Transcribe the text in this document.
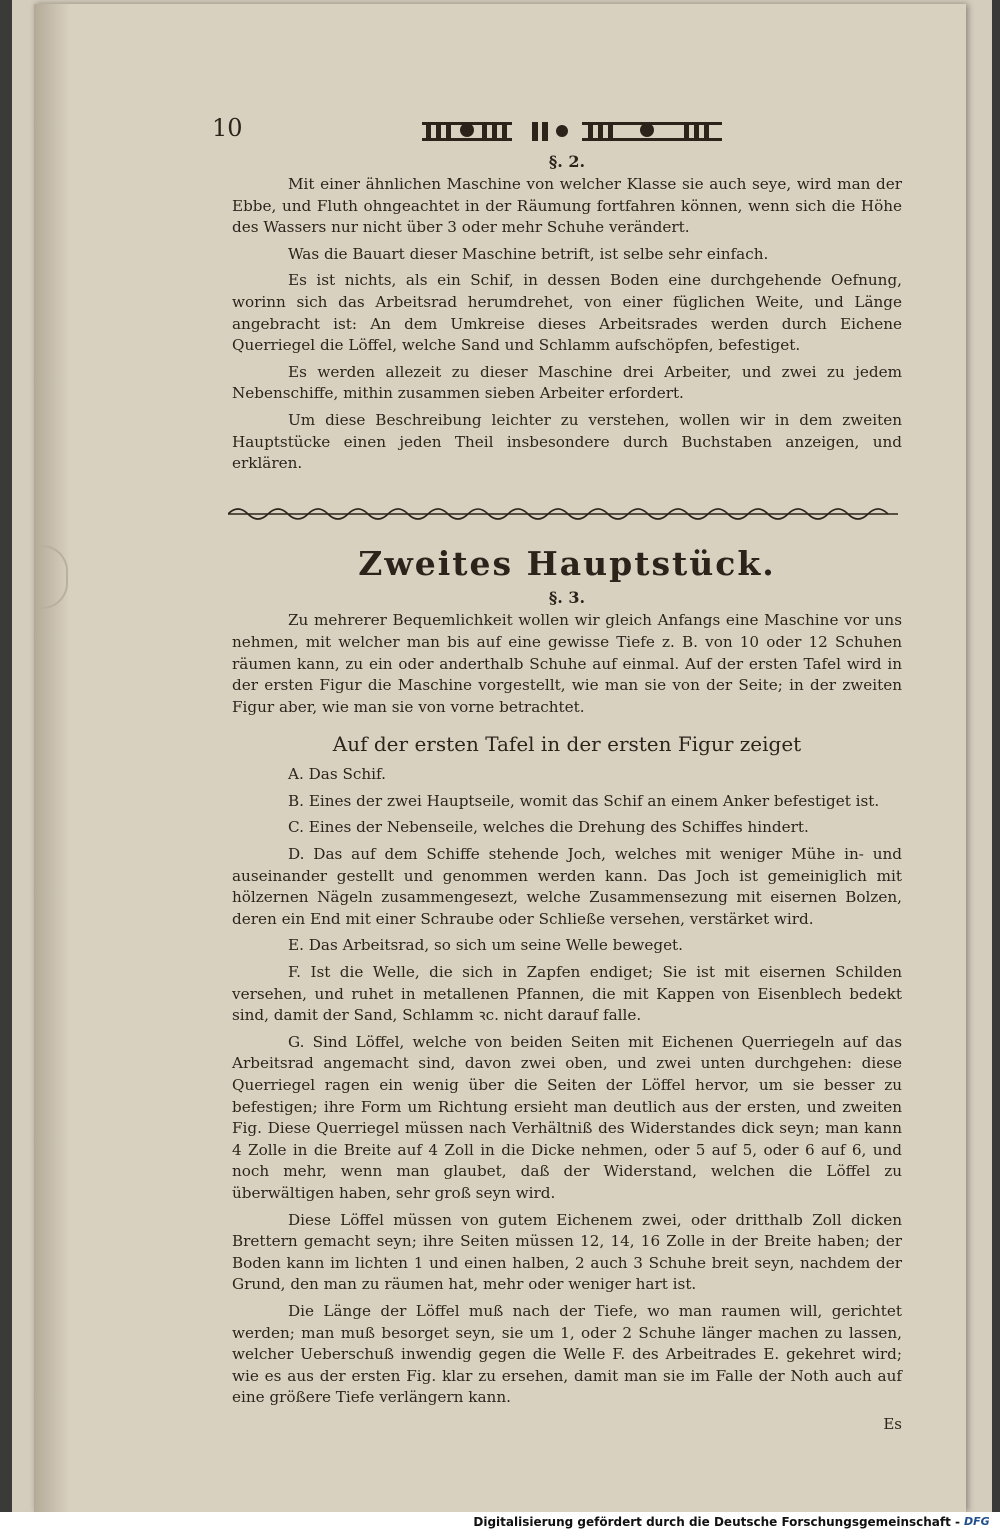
10
§. 2.

Mit einer ähnlichen Maschine von welcher Klasse sie auch seye, wird man der Ebbe, und Fluth ohngeachtet in der Räumung fortfahren können, wenn sich die Höhe des Wassers nur nicht über 3 oder mehr Schuhe verändert.

Was die Bauart dieser Maschine betrift, ist selbe sehr einfach.

Es ist nichts, als ein Schif, in dessen Boden eine durchgehende Oefnung, worinn sich das Arbeitsrad herumdrehet, von einer füglichen Weite, und Länge angebracht ist: An dem Umkreise dieses Arbeitsrades werden durch Eichene Querriegel die Löffel, welche Sand und Schlamm aufschöpfen, befestiget.

Es werden allezeit zu dieser Maschine drei Arbeiter, und zwei zu jedem Nebenschiffe, mithin zusammen sieben Arbeiter erfordert.

Um diese Beschreibung leichter zu verstehen, wollen wir in dem zweiten Hauptstücke einen jeden Theil insbesondere durch Buchstaben anzeigen, und erklären.

Zweites Hauptstück.
§. 3.

Zu mehrerer Bequemlichkeit wollen wir gleich Anfangs eine Maschine vor uns nehmen, mit welcher man bis auf eine gewisse Tiefe z. B. von 10 oder 12 Schuhen räumen kann, zu ein oder anderthalb Schuhe auf einmal. Auf der ersten Tafel wird in der ersten Figur die Maschine vorgestellt, wie man sie von der Seite; in der zweiten Figur aber, wie man sie von vorne betrachtet.

Auf der ersten Tafel in der ersten Figur zeiget

A. Das Schif.

B. Eines der zwei Hauptseile, womit das Schif an einem Anker befestiget ist.

C. Eines der Nebenseile, welches die Drehung des Schiffes hindert.

D. Das auf dem Schiffe stehende Joch, welches mit weniger Mühe in- und auseinander gestellt und genommen werden kann. Das Joch ist gemeiniglich mit hölzernen Nägeln zusammengesezt, welche Zusammensezung mit eisernen Bolzen, deren ein End mit einer Schraube oder Schließe versehen, verstärket wird.

E. Das Arbeitsrad, so sich um seine Welle beweget.

F. Ist die Welle, die sich in Zapfen endiget; Sie ist mit eisernen Schilden versehen, und ruhet in metallenen Pfannen, die mit Kappen von Eisenblech bedekt sind, damit der Sand, Schlamm ꝛc. nicht darauf falle.

G. Sind Löffel, welche von beiden Seiten mit Eichenen Querriegeln auf das Arbeitsrad angemacht sind, davon zwei oben, und zwei unten durchgehen: diese Querriegel ragen ein wenig über die Seiten der Löffel hervor, um sie besser zu befestigen; ihre Form um Richtung ersieht man deutlich aus der ersten, und zweiten Fig. Diese Querriegel müssen nach Verhältniß des Widerstandes dick seyn; man kann 4 Zolle in die Breite auf 4 Zoll in die Dicke nehmen, oder 5 auf 5, oder 6 auf 6, und noch mehr, wenn man glaubet, daß der Widerstand, welchen die Löffel zu überwältigen haben, sehr groß seyn wird.

Diese Löffel müssen von gutem Eichenem zwei, oder dritthalb Zoll dicken Brettern gemacht seyn; ihre Seiten müssen 12, 14, 16 Zolle in der Breite haben; der Boden kann im lichten 1 und einen halben, 2 auch 3 Schuhe breit seyn, nachdem der Grund, den man zu räumen hat, mehr oder weniger hart ist.

Die Länge der Löffel muß nach der Tiefe, wo man raumen will, gerichtet werden; man muß besorget seyn, sie um 1, oder 2 Schuhe länger machen zu lassen, welcher Ueberschuß inwendig gegen die Welle F. des Arbeitrades E. gekehret wird; wie es aus der ersten Fig. klar zu ersehen, damit man sie im Falle der Noth auch auf eine größere Tiefe verlängern kann.

Es
Digitalisierung gefördert durch die Deutsche Forschungsgemeinschaft - DFG
